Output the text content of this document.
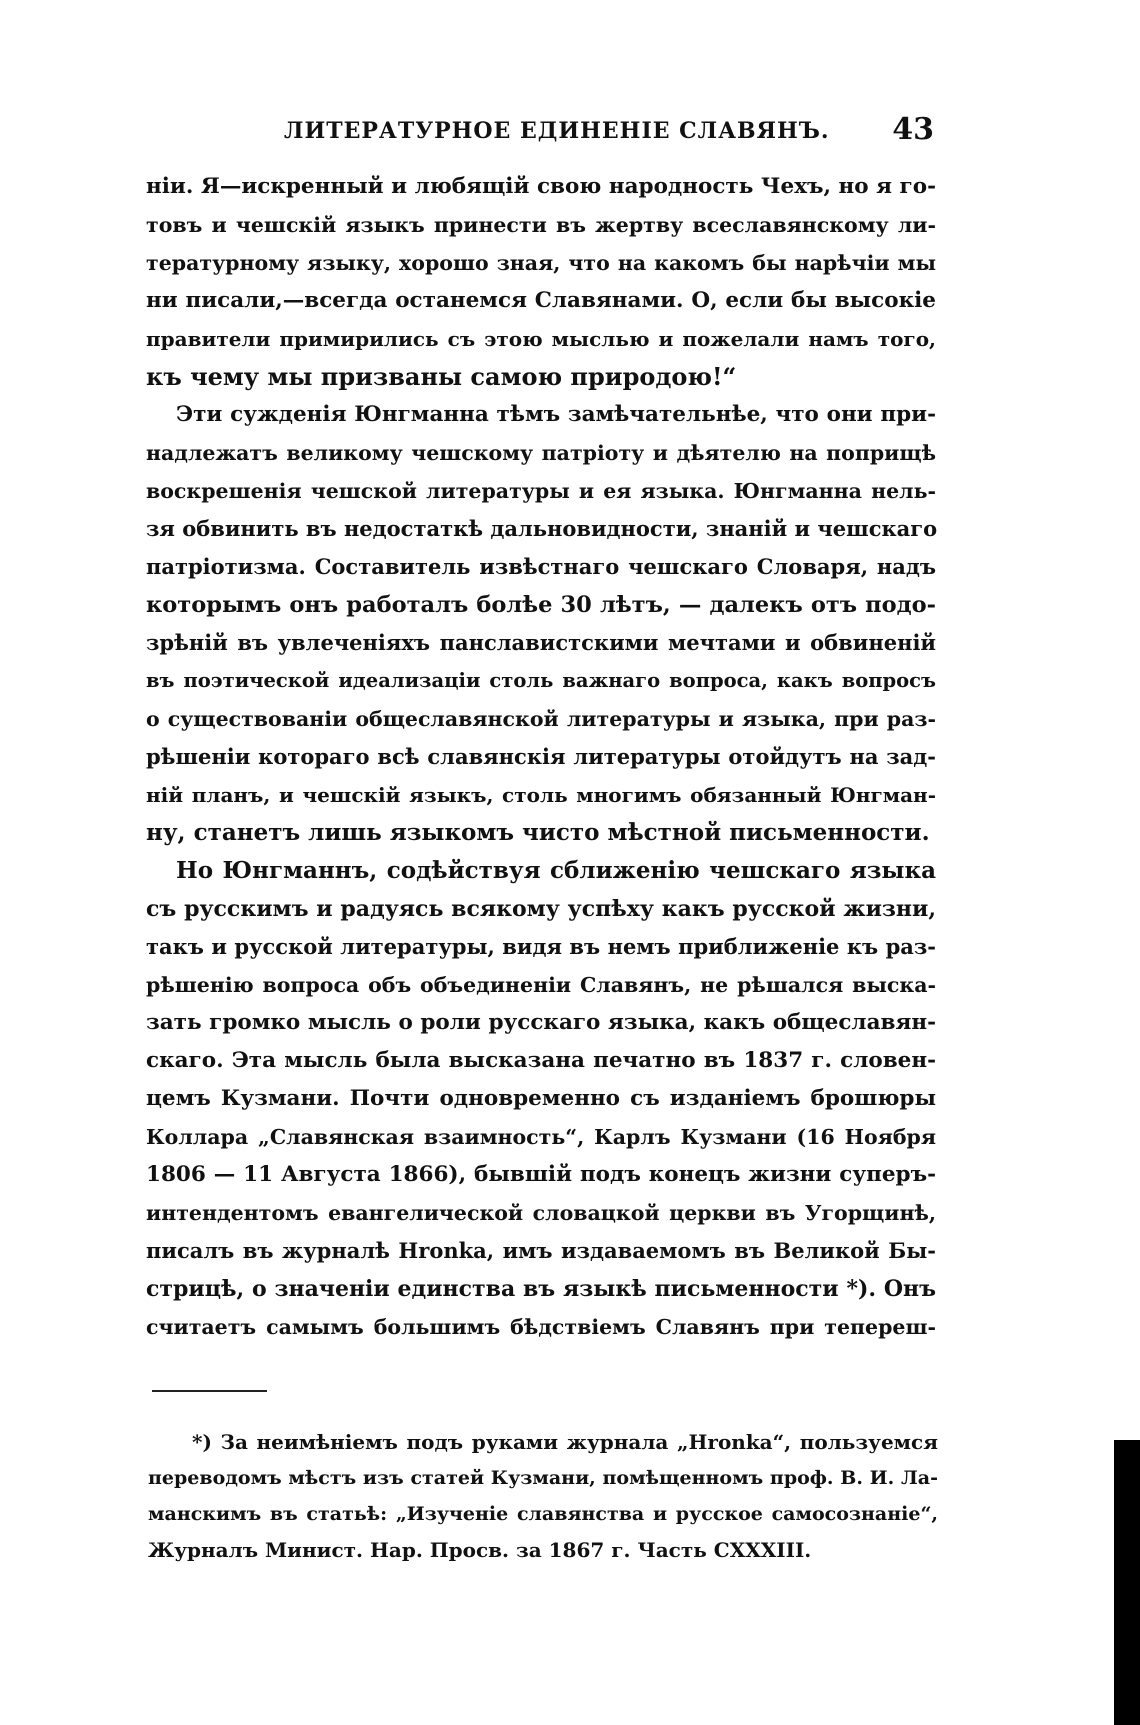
ЛИТЕРАТУРНОЕ ЕДИНЕНІЕ СЛАВЯНЪ. 43
ніи. Я—искренный и любящій свою народность Чехъ, но я го-
товъ и чешскій языкъ принести въ жертву всеславянскому ли-
тературному языку, хорошо зная, что на какомъ бы нарѣчіи мы
ни писали,—всегда останемся Славянами. О, если бы высокіе
правители примирились съ этою мыслью и пожелали намъ того,
къ чему мы призваны самою природою!“
Эти сужденія Юнгманна тѣмъ замѣчательнѣе, что они при-
надлежатъ великому чешскому патріоту и дѣятелю на поприщѣ
воскрешенія чешской литературы и ея языка. Юнгманна нель-
зя обвинить въ недостаткѣ дальновидности, знаній и чешскаго
патріотизма. Составитель извѣстнаго чешскаго Словаря, надъ
которымъ онъ работалъ болѣе 30 лѣтъ, — далекъ отъ подо-
зрѣній въ увлеченіяхъ панславистскими мечтами и обвиненій
въ поэтической идеализаціи столь важнаго вопроса, какъ вопросъ
о существованіи общеславянской литературы и языка, при раз-
рѣшеніи котораго всѣ славянскія литературы отойдутъ на зад-
ній планъ, и чешскій языкъ, столь многимъ обязанный Юнгман-
ну, станетъ лишь языкомъ чисто мѣстной письменности.
Но Юнгманнъ, содѣйствуя сближенію чешскаго языка
съ русскимъ и радуясь всякому успѣху какъ русской жизни,
такъ и русской литературы, видя въ немъ приближеніе къ раз-
рѣшенію вопроса объ объединеніи Славянъ, не рѣшался выска-
зать громко мысль о роли русскаго языка, какъ общеславян-
скаго. Эта мысль была высказана печатно въ 1837 г. словен-
цемъ Кузмани. Почти одновременно съ изданіемъ брошюры
Коллара „Славянская взаимность“, Карлъ Кузмани (16 Ноября
1806 — 11 Августа 1866), бывшій подъ конецъ жизни суперъ-
интендентомъ евангелической словацкой церкви въ Угорщинѣ,
писалъ въ журналѣ Hronka, имъ издаваемомъ въ Великой Бы-
стрицѣ, о значеніи единства въ языкѣ письменности *). Онъ
считаетъ самымъ большимъ бѣдствіемъ Славянъ при тепереш-
*) За неимѣніемъ подъ руками журнала „Hronka“, пользуемся
переводомъ мѣстъ изъ статей Кузмани, помѣщенномъ проф. В. И. Ла-
манскимъ въ статьѣ: „Изученіе славянства и русское самосознаніе“,
Журналъ Минист. Нар. Просв. за 1867 г. Часть CXXXIII.
